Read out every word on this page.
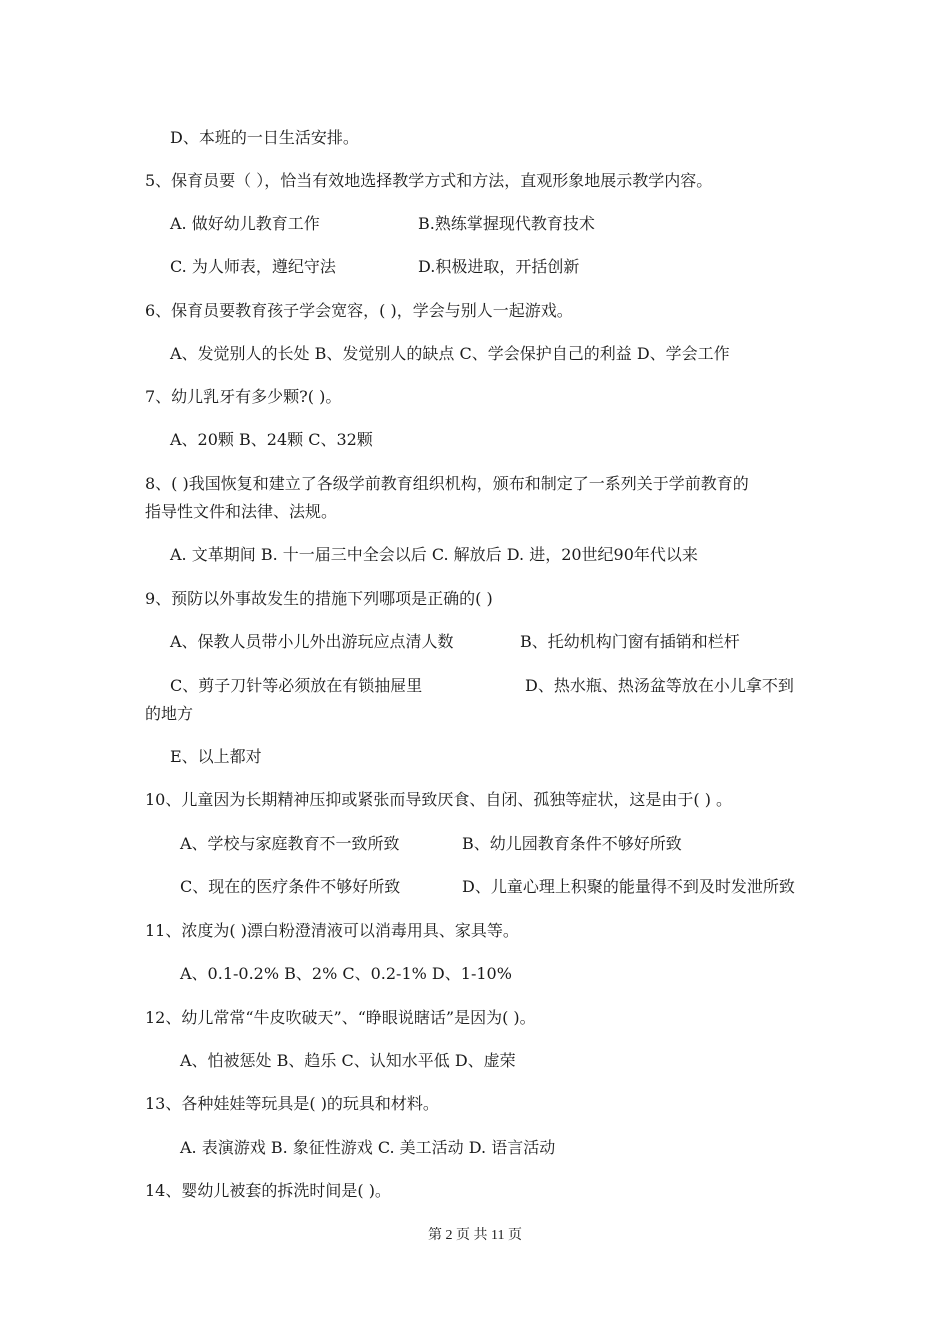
D、本班的一日生活安排。
5、保育员要（ ），恰当有效地选择教学方式和方法，直观形象地展示教学内容。
A. 做好幼儿教育工作	B.熟练掌握现代教育技术
C. 为人师表，遵纪守法	D.积极进取，开括创新
6、保育员要教育孩子学会宽容，( )，学会与别人一起游戏。
A、发觉别人的长处 B、发觉别人的缺点 C、学会保护自己的利益 D、学会工作
7、幼儿乳牙有多少颗?( )。
A、20颗 B、24颗 C、32颗
8、( )我国恢复和建立了各级学前教育组织机构，颁布和制定了一系列关于学前教育的
指导性文件和法律、法规。
A. 文革期间 B. 十一届三中全会以后 C. 解放后 D. 进，20世纪90年代以来
9、预防以外事故发生的措施下列哪项是正确的( )
A、保教人员带小儿外出游玩应点清人数	B、托幼机构门窗有插销和栏杆
C、剪子刀针等必须放在有锁抽屉里	D、热水瓶、热汤盆等放在小儿拿不到
的地方
E、以上都对
10、儿童因为长期精神压抑或紧张而导致厌食、自闭、孤独等症状，这是由于( ) 。
A、学校与家庭教育不一致所致	B、幼儿园教育条件不够好所致
C、现在的医疗条件不够好所致	D、儿童心理上积聚的能量得不到及时发泄所致
11、浓度为( )漂白粉澄清液可以消毒用具、家具等。
A、0.1-0.2% B、2% C、0.2-1% D、1-10%
12、幼儿常常“牛皮吹破天”、“睁眼说瞎话”是因为( )。
A、怕被惩处 B、趋乐 C、认知水平低 D、虚荣
13、各种娃娃等玩具是( )的玩具和材料。
A. 表演游戏 B. 象征性游戏 C. 美工活动 D. 语言活动
14、婴幼儿被套的拆洗时间是( )。
第 2 页 共 11 页
